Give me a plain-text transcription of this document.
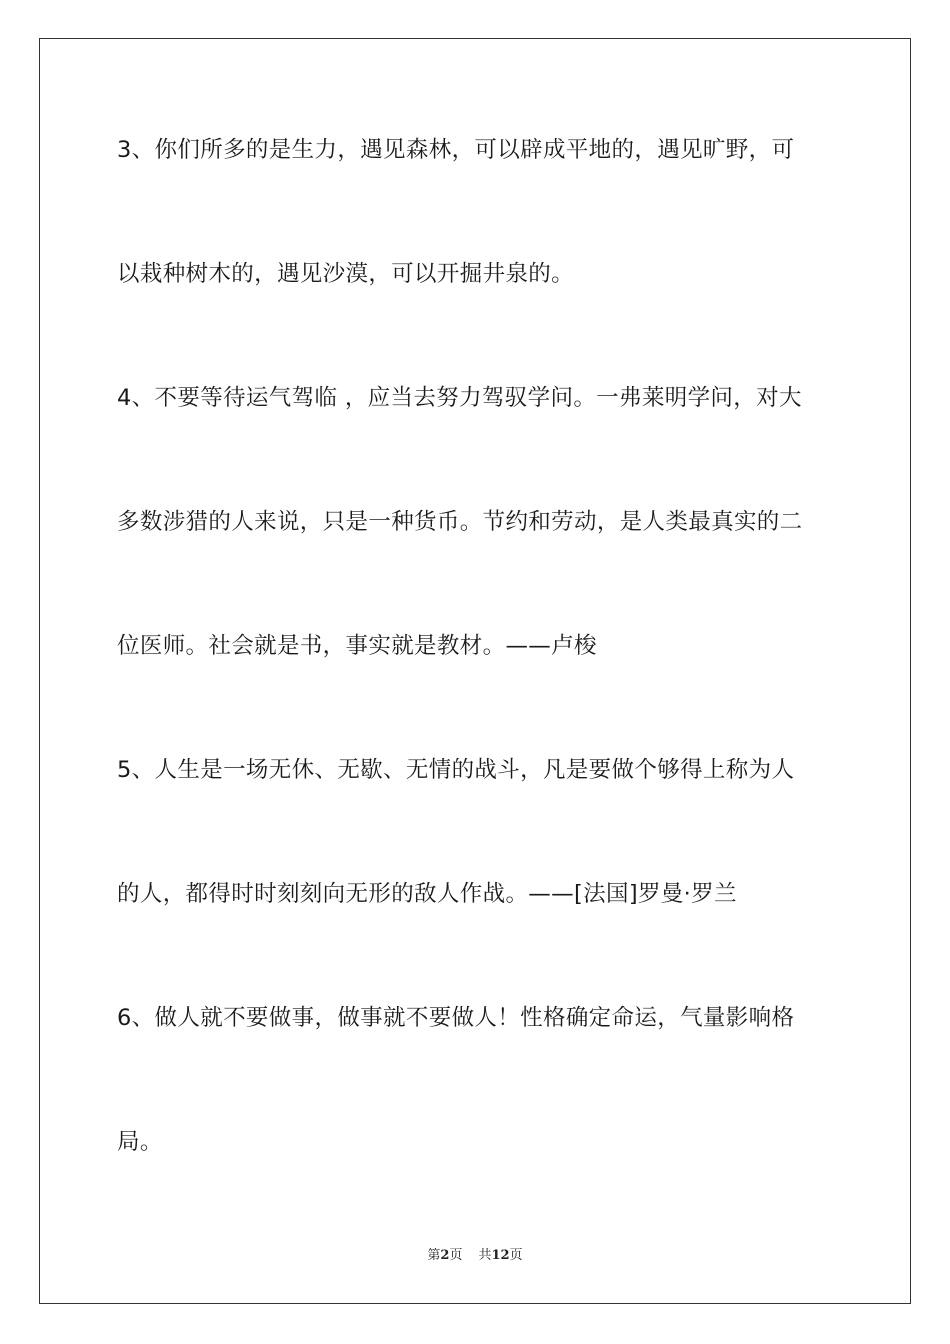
3、你们所多的是生力，遇见森林，可以辟成平地的，遇见旷野，可
以栽种树木的，遇见沙漠，可以开掘井泉的。
4、不要等待运气驾临 ，应当去努力驾驭学问。一弗莱明学问，对大
多数涉猎的人来说，只是一种货币。节约和劳动，是人类最真实的二
位医师。社会就是书，事实就是教材。——卢梭
5、人生是一场无休、无歇、无情的战斗，凡是要做个够得上称为人
的人，都得时时刻刻向无形的敌人作战。——[法国]罗曼·罗兰
6、做人就不要做事，做事就不要做人！性格确定命运，气量影响格
局。
第2页 共12页
